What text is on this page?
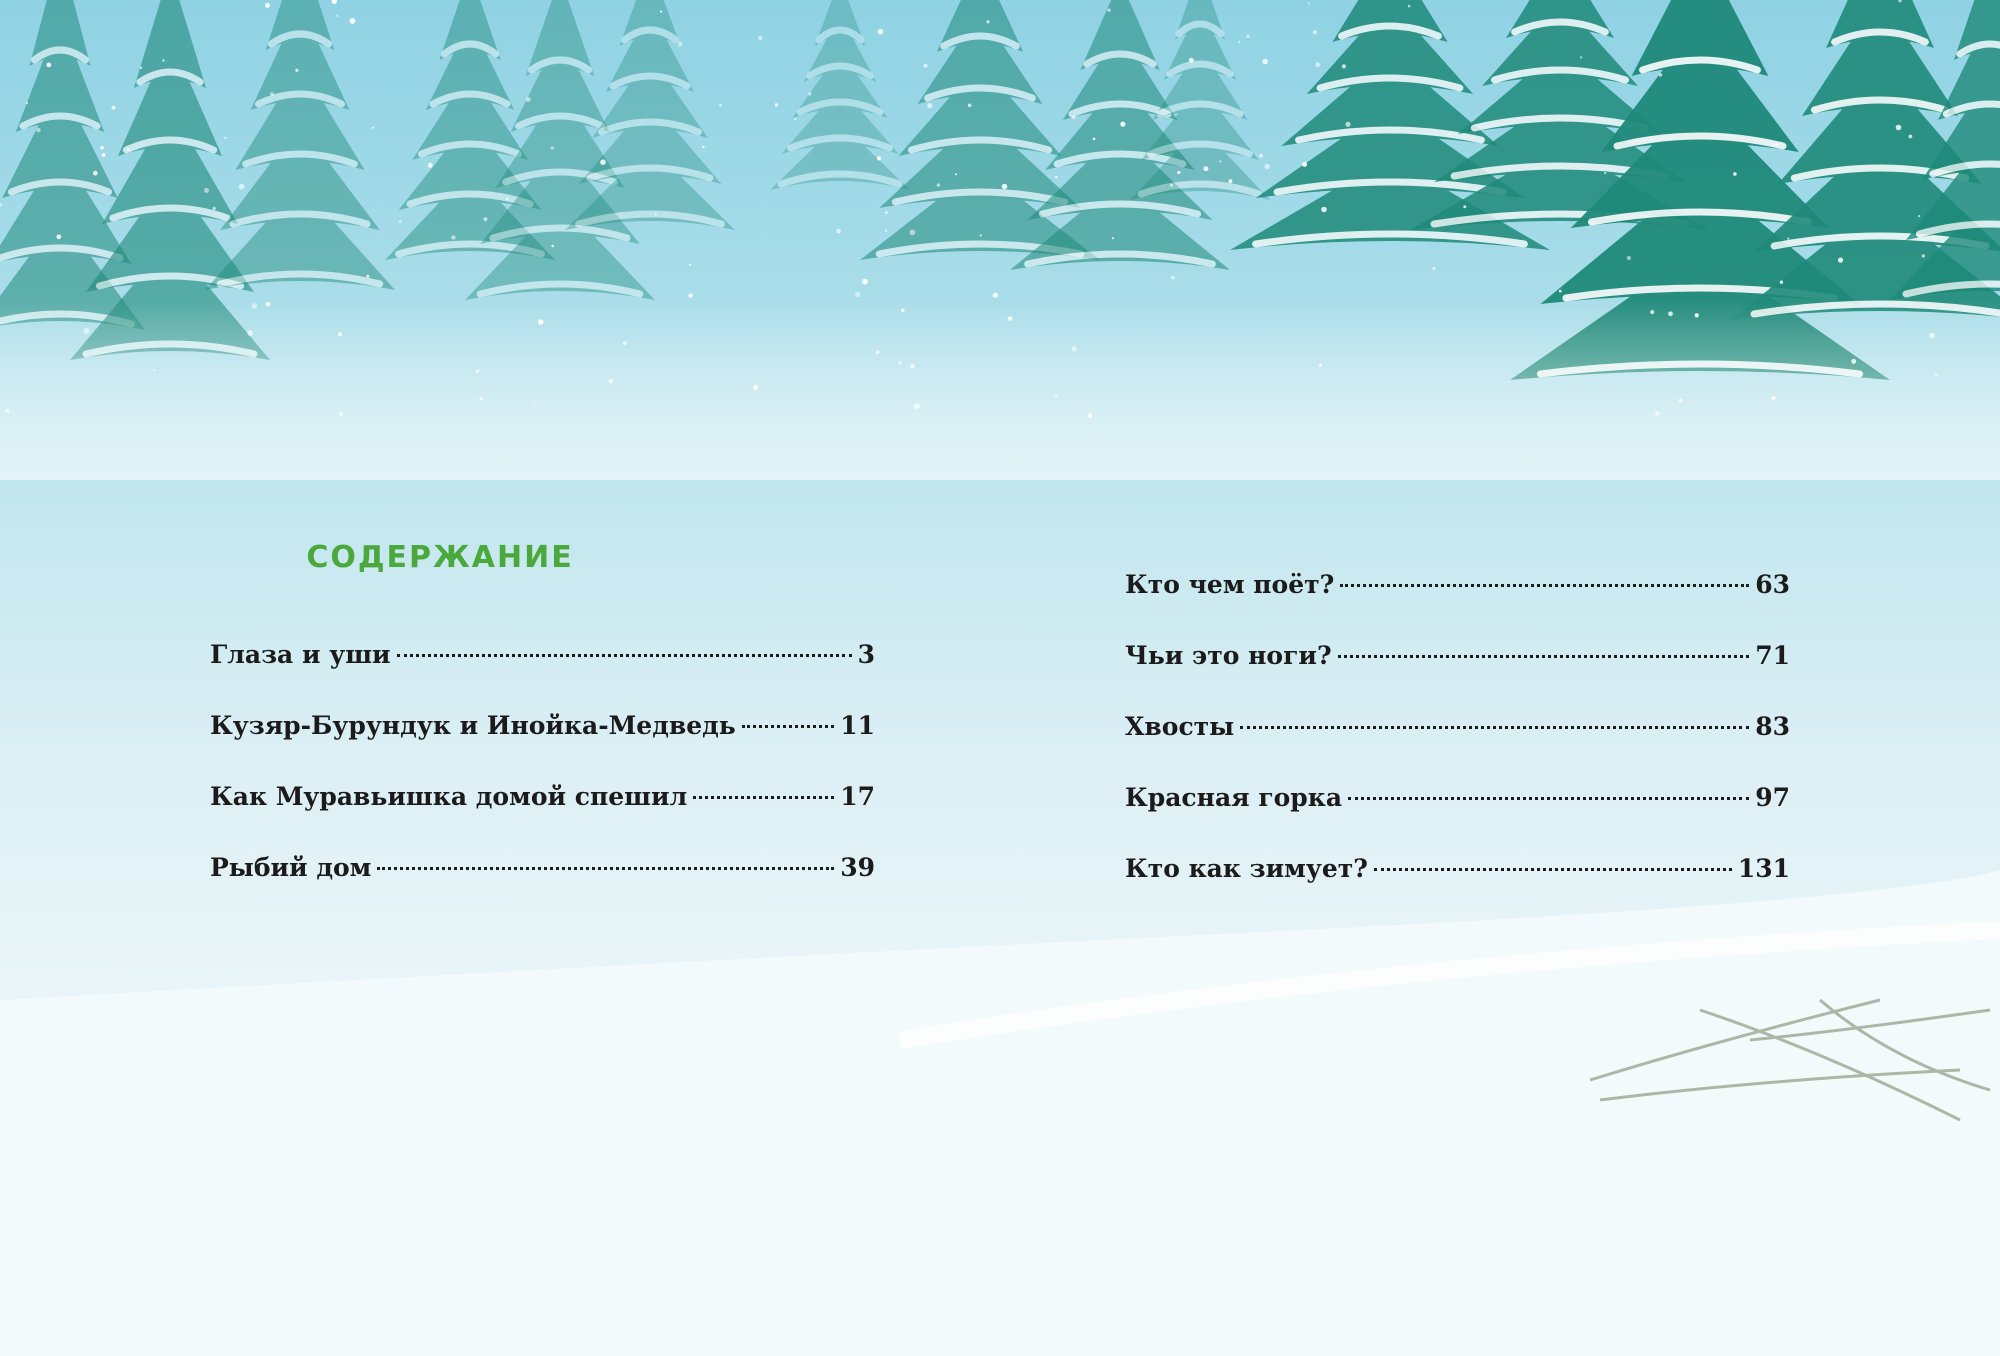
СОДЕРЖАНИЕ
Глаза и уши	3
Кузяр-Бурундук и Инойка-Медведь	11
Как Муравьишка домой спешил	17
Рыбий дом	39
Кто чем поёт?	63
Чьи это ноги?	71
Хвосты	83
Красная горка	97
Кто как зимует?	131
